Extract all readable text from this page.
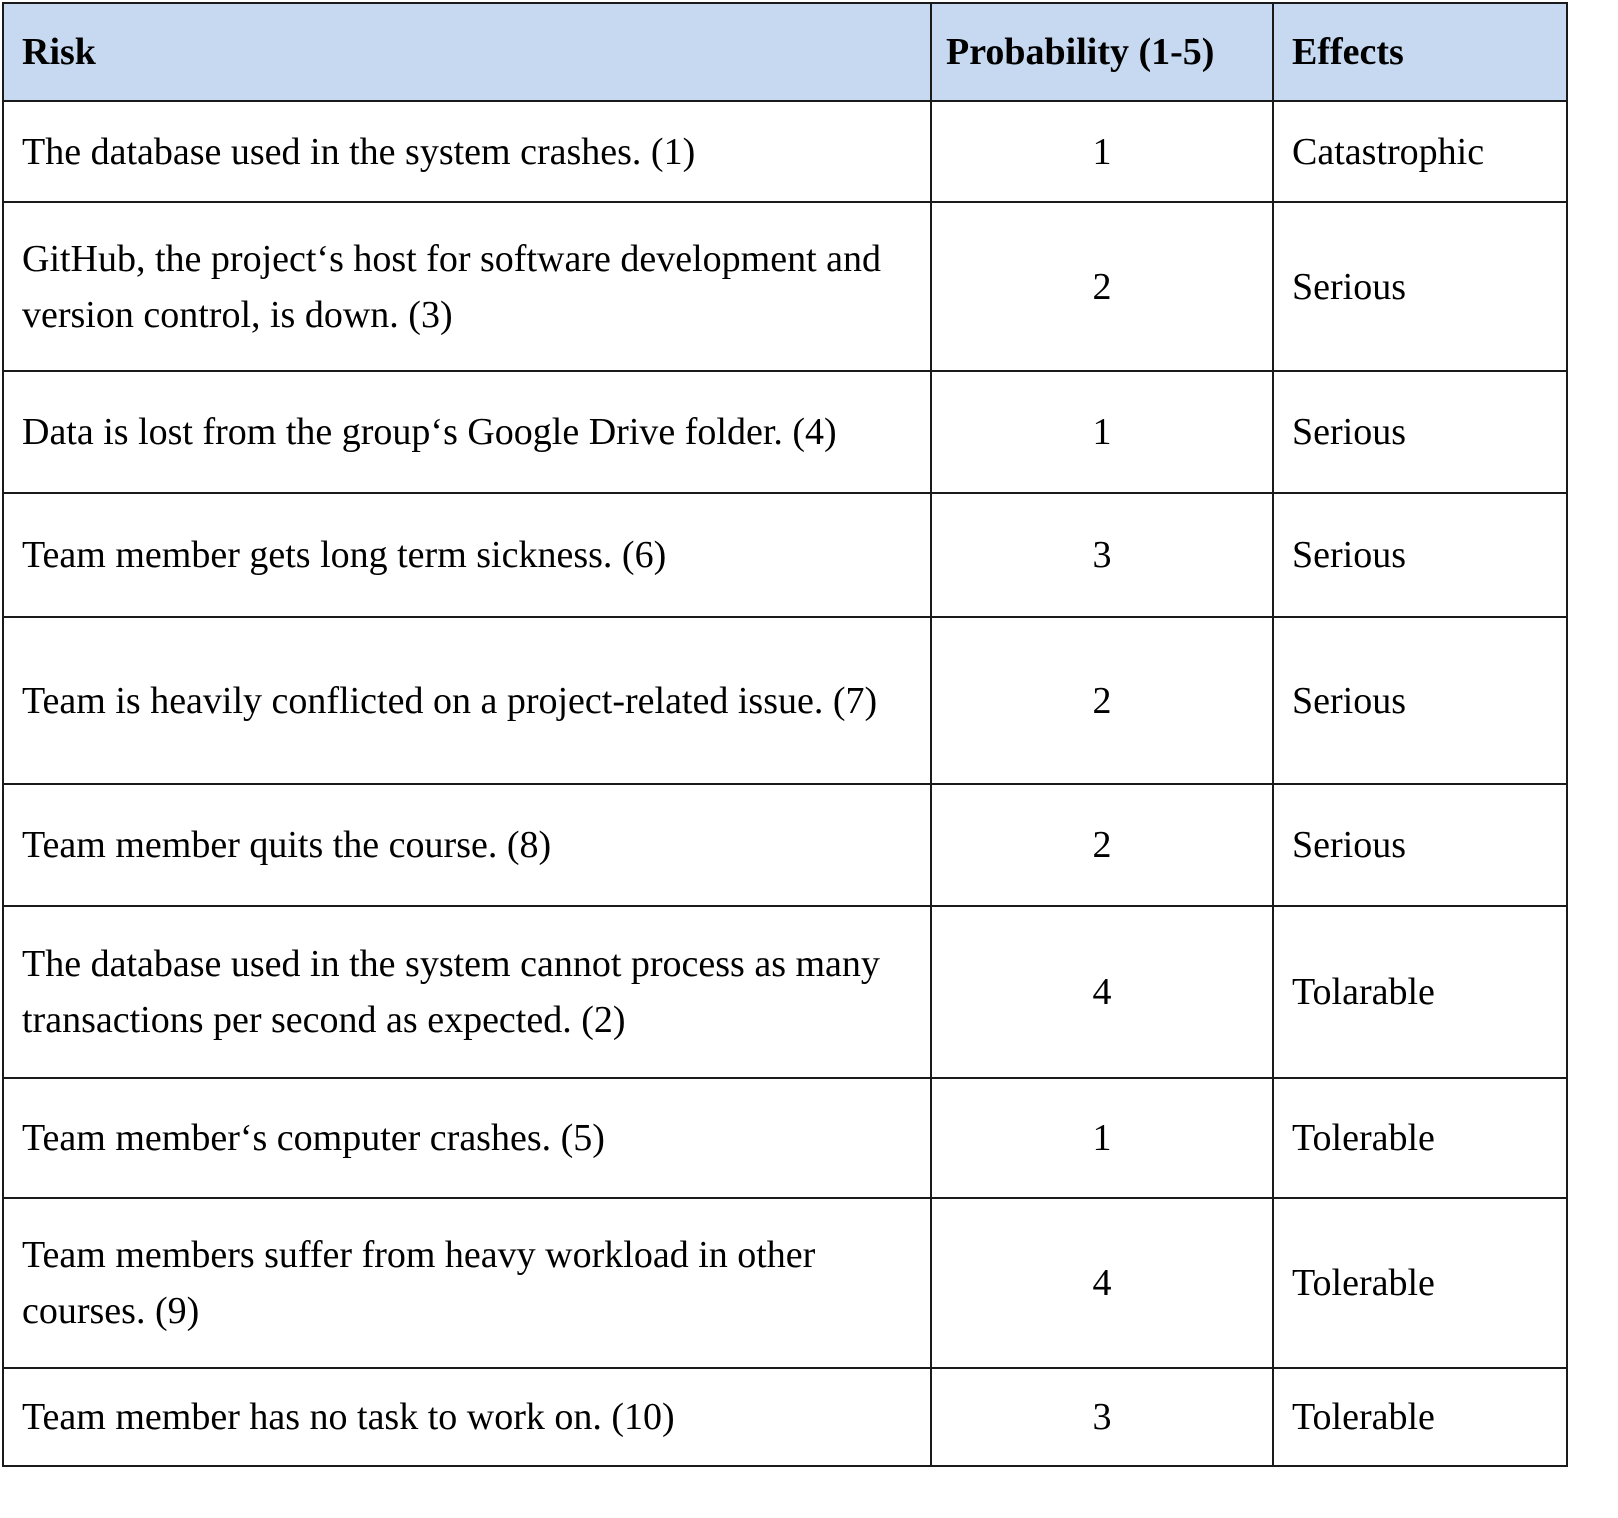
Risk	Probability (1-5)	Effects
The database used in the system crashes. (1)	1	Catastrophic
GitHub, the project‘s host for software development and version control, is down. (3)	2	Serious
Data is lost from the group‘s Google Drive folder. (4)	1	Serious
Team member gets long term sickness. (6)	3	Serious
Team is heavily conflicted on a project-related issue. (7)	2	Serious
Team member quits the course. (8)	2	Serious
The database used in the system cannot process as many transactions per second as expected. (2)	4	Tolarable
Team member‘s computer crashes. (5)	1	Tolerable
Team members suffer from heavy workload in other courses. (9)	4	Tolerable
Team member has no task to work on. (10)	3	Tolerable
